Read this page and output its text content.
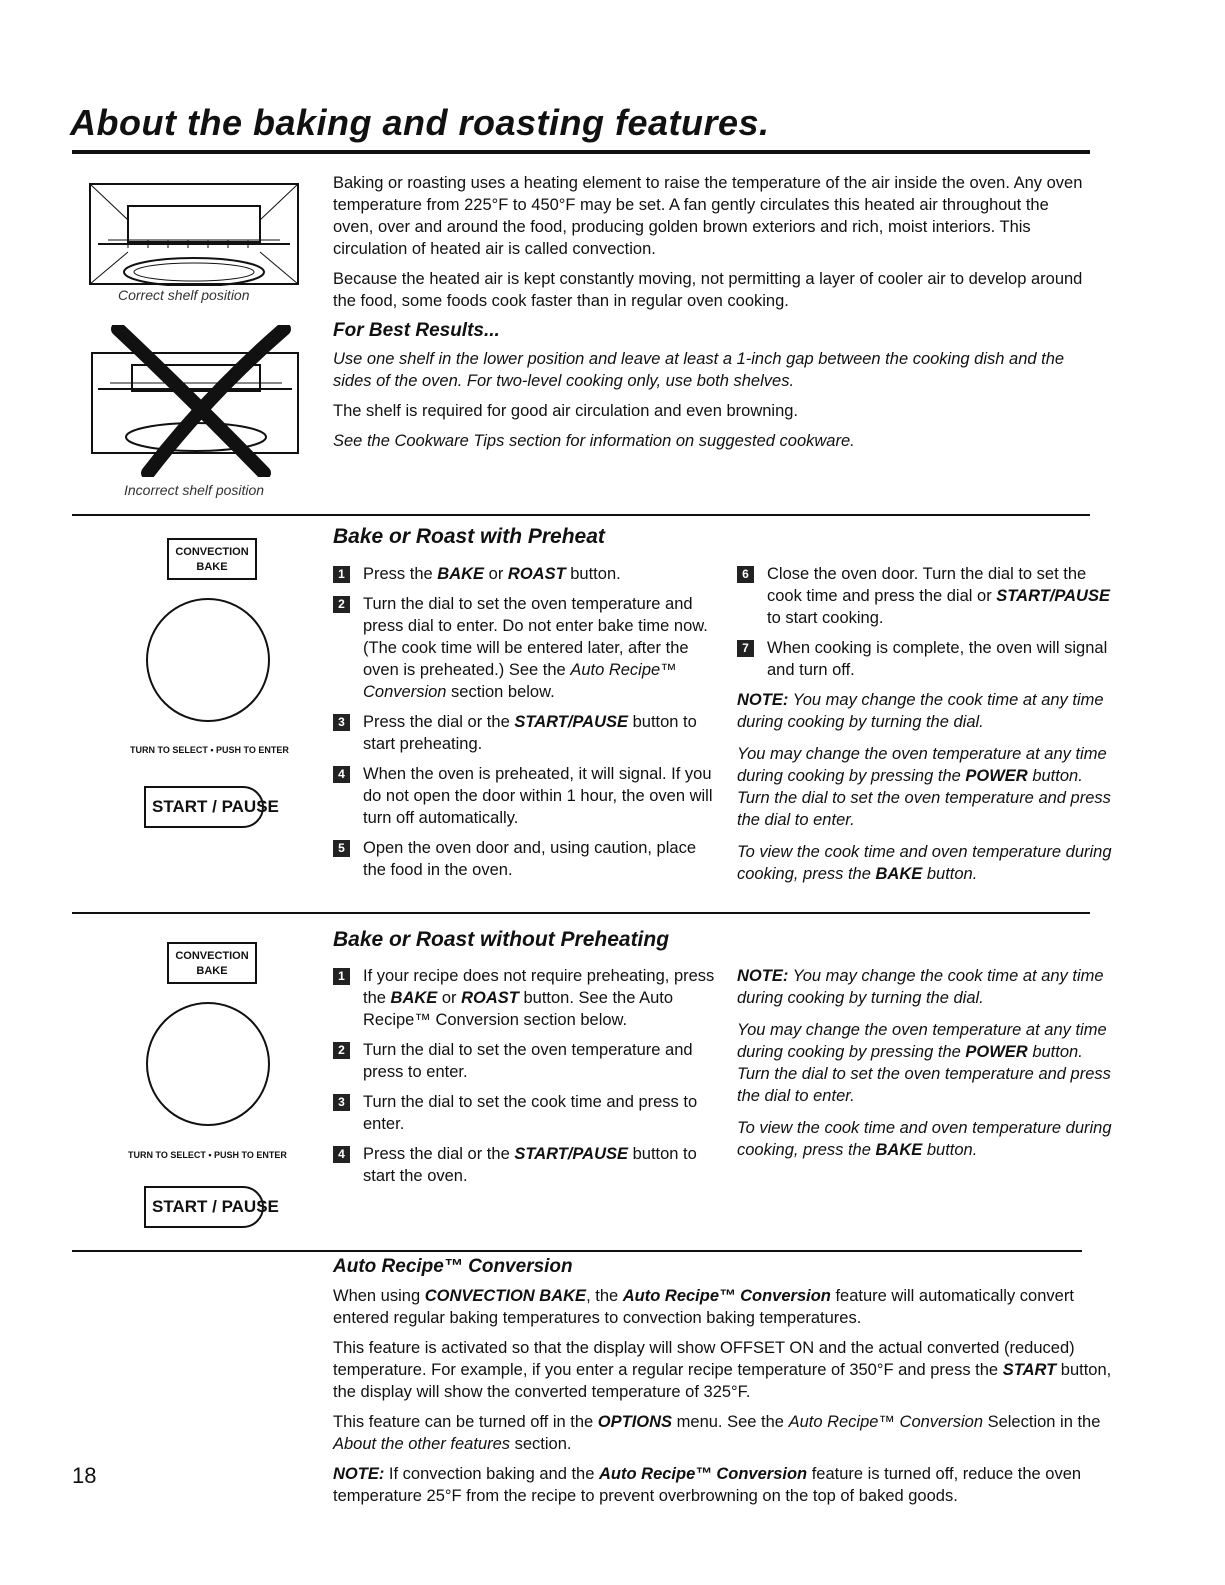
About the baking and roasting features.
Correct shelf position
Incorrect shelf position

Baking or roasting uses a heating element to raise the temperature of the air inside the oven. Any oven temperature from 225°F to 450°F may be set. A fan gently circulates this heated air throughout the oven, over and around the food, producing golden brown exteriors and rich, moist interiors. This circulation of heated air is called convection.

Because the heated air is kept constantly moving, not permitting a layer of cooler air to develop around the food, some foods cook faster than in regular oven cooking.

For Best Results...

Use one shelf in the lower position and leave at least a 1-inch gap between the cooking dish and the sides of the oven. For two-level cooking only, use both shelves.

The shelf is required for good air circulation and even browning.

See the Cookware Tips section for information on suggested cookware.

CONVECTION
BAKE
TURN TO SELECT • PUSH TO ENTER
START / PAUSE
Bake or Roast with Preheat
1	Press the BAKE or ROAST button.
2	Turn the dial to set the oven temperature and press dial to enter. Do not enter bake time now. (The cook time will be entered later, after the oven is preheated.) See the Auto Recipe™ Conversion section below.
3	Press the dial or the START/PAUSE button to start preheating.
4	When the oven is preheated, it will signal. If you do not open the door within 1 hour, the oven will turn off automatically.
5	Open the oven door and, using caution, place the food in the oven.
6	Close the oven door. Turn the dial to set the cook time and press the dial or START/PAUSE to start cooking.
7	When cooking is complete, the oven will signal and turn off.

NOTE: You may change the cook time at any time during cooking by turning the dial.

You may change the oven temperature at any time during cooking by pressing the POWER button. Turn the dial to set the oven temperature and press the dial to enter.

To view the cook time and oven temperature during cooking, press the BAKE button.

CONVECTION
BAKE
TURN TO SELECT • PUSH TO ENTER
START / PAUSE
Bake or Roast without Preheating
1	If your recipe does not require preheating, press the BAKE or ROAST button. See the Auto Recipe™ Conversion section below.
2	Turn the dial to set the oven temperature and press to enter.
3	Turn the dial to set the cook time and press to enter.
4	Press the dial or the START/PAUSE button to start the oven.

NOTE: You may change the cook time at any time during cooking by turning the dial.

You may change the oven temperature at any time during cooking by pressing the POWER button. Turn the dial to set the oven temperature and press the dial to enter.

To view the cook time and oven temperature during cooking, press the BAKE button.

Auto Recipe™ Conversion

When using CONVECTION BAKE, the Auto Recipe™ Conversion feature will automatically convert entered regular baking temperatures to convection baking temperatures.

This feature is activated so that the display will show OFFSET ON and the actual converted (reduced) temperature. For example, if you enter a regular recipe temperature of 350°F and press the START button, the display will show the converted temperature of 325°F.

This feature can be turned off in the OPTIONS menu. See the Auto Recipe™ Conversion Selection in the About the other features section.

NOTE: If convection baking and the Auto Recipe™ Conversion feature is turned off, reduce the oven temperature 25°F from the recipe to prevent overbrowning on the top of baked goods.

18
